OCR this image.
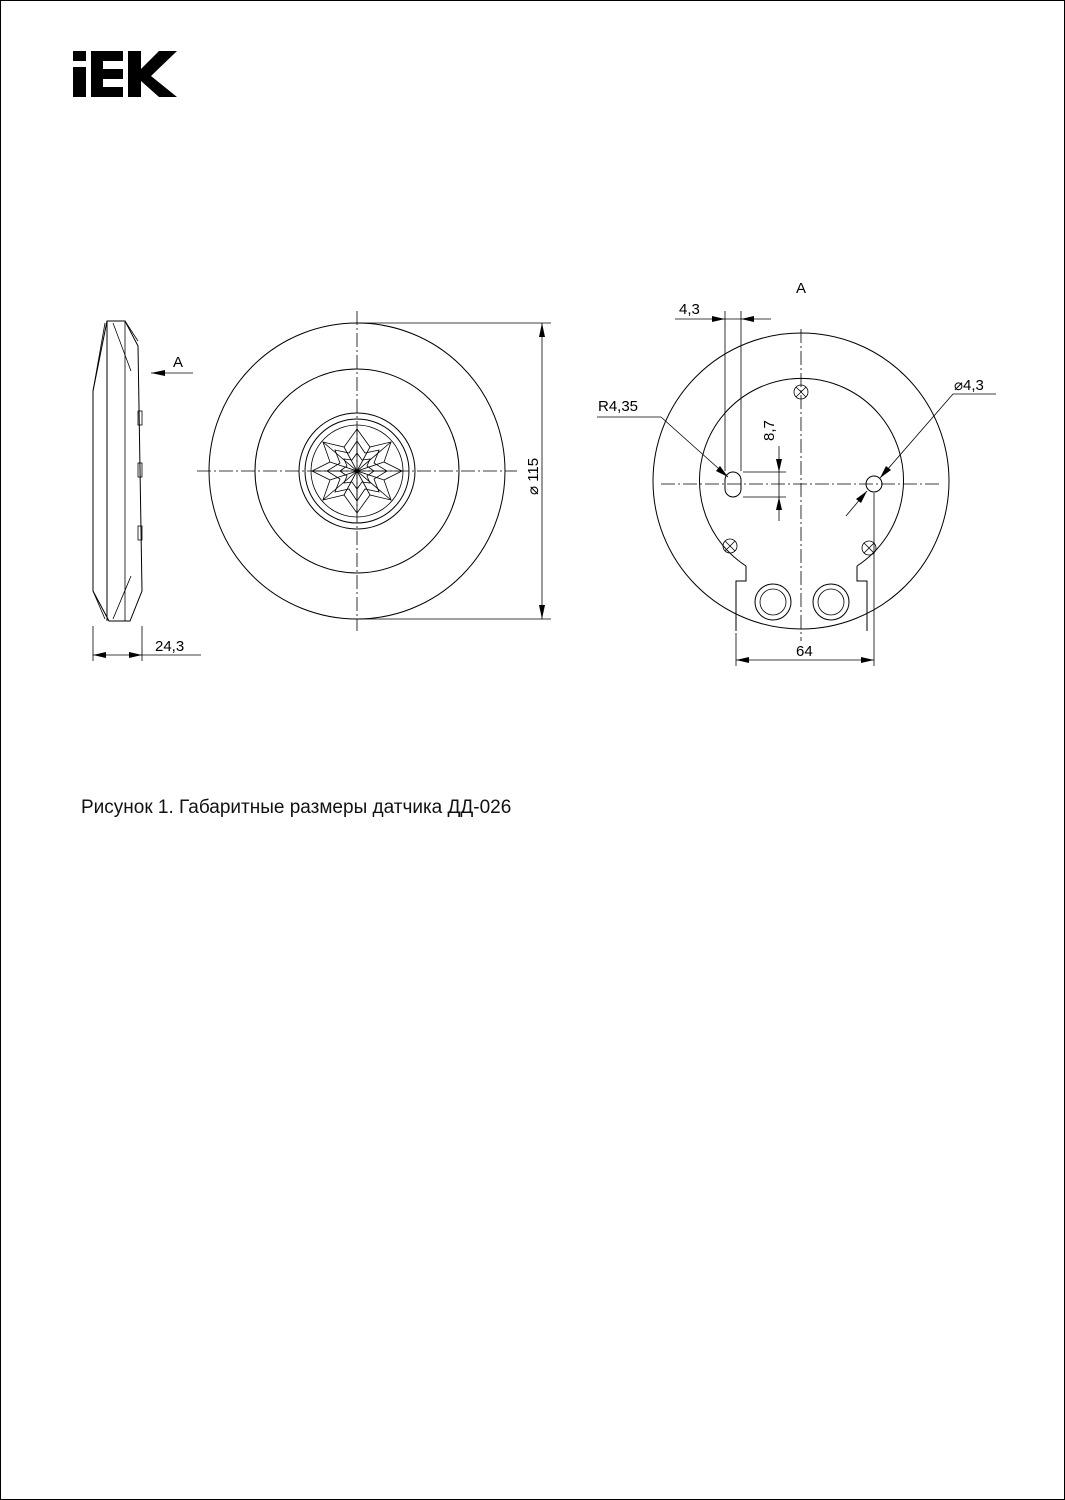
A
24,3
⌀ 115
A
4,3
R4,35
8,7
⌀4,3
64
Рисунок 1. Габаритные размеры датчика ДД-026
